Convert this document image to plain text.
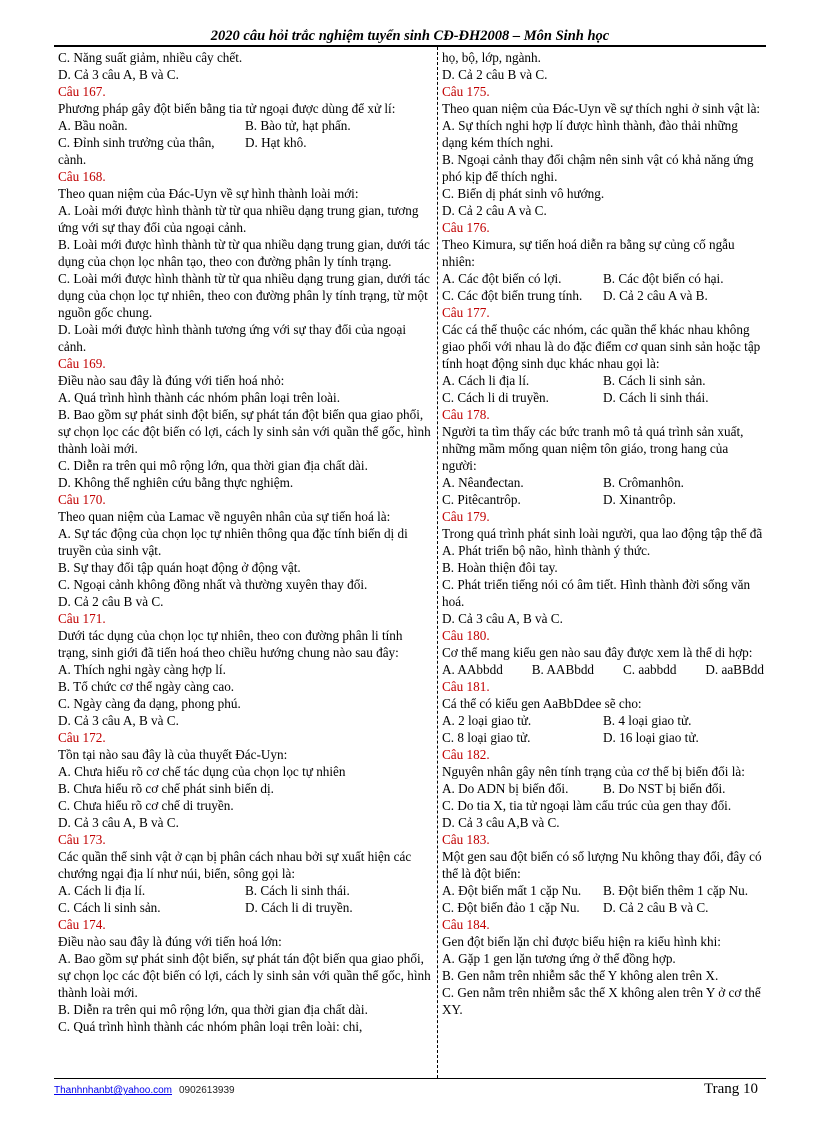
2020 câu hỏi trắc nghiệm tuyển sinh CĐ-ĐH2008 – Môn Sinh học
C. Năng suất giảm, nhiều cây chết.
D. Cả 3 câu A, B và C.
Câu 167.
Phương pháp gây đột biến bằng tia tử ngoại được dùng để xử lí:
A. Bầu noãn.	B. Bào tử, hạt phấn.
C. Đỉnh sinh trưởng của thân, cành.
D. Hạt khô.
Câu 168.
Theo quan niệm của Đác-Uyn về sự hình thành loài mới:
A. Loài mới được hình thành từ từ qua nhiều dạng trung gian, tương ứng với sự thay đổi của ngoại cảnh.
B. Loài mới được hình thành từ từ qua nhiều dạng trung gian, dưới tác dụng của chọn lọc nhân tạo, theo con đường phân ly tính trạng.
C. Loài mới được hình thành từ từ qua nhiều dạng trung gian, dưới tác dụng của chọn lọc tự nhiên, theo con đường phân ly tính trạng, từ một nguồn gốc chung.
D. Loài mới được hình thành tương ứng với sự thay đổi của ngoại cảnh.
Câu 169.
Điều nào sau đây là đúng với tiến hoá nhỏ:
A. Quá trình hình thành các nhóm phân loại trên loài.
B. Bao gồm sự phát sinh đột biến, sự phát tán đột biến qua giao phối, sự chọn lọc các đột biến có lợi, cách ly sinh sản với quần thể gốc, hình thành loài mới.
C. Diễn ra trên qui mô rộng lớn, qua thời gian địa chất dài.
D. Không thể nghiên cứu bằng thực nghiệm.
Câu 170.
Theo quan niệm của Lamac về nguyên nhân của sự tiến hoá là:
A. Sự tác động của chọn lọc tự nhiên thông qua đặc tính biến dị di truyền của sinh vật.
B. Sự thay đổi tập quán hoạt động ở động vật.
C. Ngoại cảnh không đồng nhất và thường xuyên thay đổi.
D. Cả 2 câu B và C.
Câu 171.
Dưới tác dụng của chọn lọc tự nhiên, theo con đường phân li tính trạng, sinh giới đã tiến hoá theo chiều hướng chung nào sau đây:
A. Thích nghi ngày càng hợp lí.
B. Tổ chức cơ thể ngày càng cao.
C. Ngày càng đa dạng, phong phú.
D. Cả 3 câu A, B và C.
Câu 172.
Tồn tại nào sau đây là của thuyết Đác-Uyn:
A. Chưa hiểu rõ cơ chế tác dụng của chọn lọc tự nhiên
B. Chưa hiểu rõ cơ chế phát sinh biến dị.
C. Chưa hiểu rõ cơ chế di truyền.
D. Cả 3 câu A, B và C.
Câu 173.
Các quần thể sinh vật ở cạn bị phân cách nhau bởi sự xuất hiện các chướng ngại địa lí như núi, biển, sông gọi là:
A. Cách li địa lí.	B. Cách li sinh thái.
C. Cách li sinh sản.	D. Cách li di truyền.
Câu 174.
Điều nào sau đây là đúng với tiến hoá lớn:
A. Bao gồm sự phát sinh đột biến, sự phát tán đột biến qua giao phối, sự chọn lọc các đột biến có lợi, cách ly sinh sản với quần thể gốc, hình thành loài mới.
B. Diễn ra trên qui mô rộng lớn, qua thời gian địa chất dài.
C. Quá trình hình thành các nhóm phân loại trên loài: chi,
họ, bộ, lớp, ngành.
D. Cả 2 câu B và C.
Câu 175.
Theo quan niệm của Đác-Uyn về sự thích nghi ở sinh vật là:
A. Sự thích nghi hợp lí được hình thành, đào thải những dạng kém thích nghi.
B. Ngoại cảnh thay đổi chậm nên sinh vật có khả năng ứng phó kịp để thích nghi.
C. Biến dị phát sinh vô hướng.
D. Cả 2 câu A và C.
Câu 176.
Theo Kimura, sự tiến hoá diễn ra bằng sự củng cố ngẫu nhiên:
A. Các đột biến có lợi.	B. Các đột biến có hại.
C. Các đột biến trung tính.	D. Cả 2 câu A và B.
Câu 177.
Các cá thể thuộc các nhóm, các quần thể khác nhau không giao phối với nhau là do đặc điểm cơ quan sinh sản hoặc tập tính hoạt động sinh dục khác nhau gọi là:
A. Cách li địa lí.	B. Cách li sinh sản.
C. Cách li di truyền.	D. Cách li sinh thái.
Câu 178.
Người ta tìm thấy các bức tranh mô tả quá trình sản xuất, những mầm mống quan niệm tôn giáo, trong hang của người:
A. Nêanđectan.	B. Crômanhôn.
C. Pitêcantrôp.	D. Xinantrôp.
Câu 179.
Trong quá trình phát sinh loài người, qua lao động tập thể đã
A. Phát triển bộ não, hình thành ý thức.
B. Hoàn thiện đôi tay.
C. Phát triển tiếng nói có âm tiết. Hình thành đời sống văn hoá.
D. Cả 3 câu A, B và C.
Câu 180.
Cơ thể mang kiểu gen nào sau đây được xem là thể di hợp:
A. AAbbdd B. AABbdd C. aabbdd D. aaBBdd
Câu 181.
Cá thể có kiểu gen AaBbDdee sẽ cho:
A. 2 loại giao tử.	B. 4 loại giao tử.
C. 8 loại giao tử.	D. 16 loại giao tử.
Câu 182.
Nguyên nhân gây nên tính trạng của cơ thể bị biến đổi là:
A. Do ADN bị biến đổi.	B. Do NST bị biến đổi.
C. Do tia X, tia tử ngoại làm cấu trúc của gen thay đổi.
D. Cả 3 câu A,B và C.
Câu 183.
Một gen sau đột biến có số lượng Nu không thay đổi, đây có thể là đột biến:
A. Đột biến mất 1 cặp Nu.	B. Đột biến thêm 1 cặp Nu.
C. Đột biến đảo 1 cặp Nu.	D. Cả 2 câu B và C.
Câu 184.
Gen đột biến lặn chỉ được biểu hiện ra kiểu hình khi:
A. Gặp 1 gen lặn tương ứng ở thể đồng hợp.
B. Gen nằm trên nhiễm sắc thể Y không alen trên X.
C. Gen nằm trên nhiễm sắc thể X không alen trên Y ở cơ thể XY.
Thanhnhanbt@yahoo.com 0902613939	Trang 10
